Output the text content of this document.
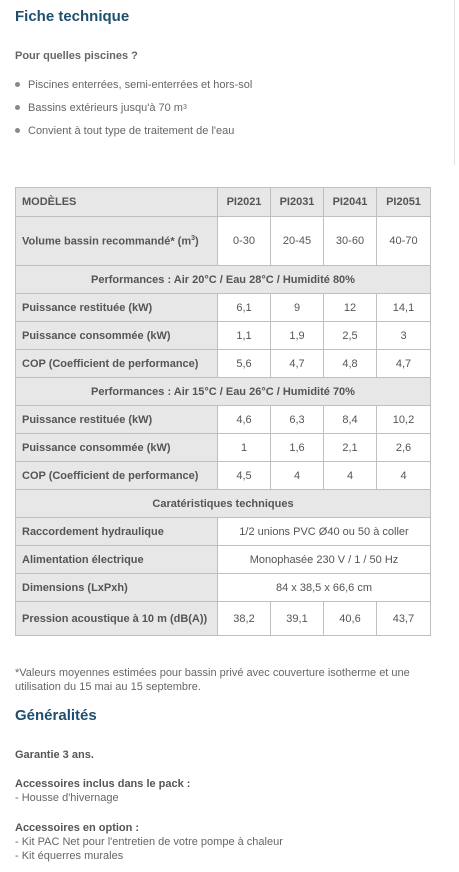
Fiche technique
Pour quelles piscines ?
Piscines enterrées, semi-enterrées et hors-sol
Bassins extérieurs jusqu'à 70 m 3
Convient à tout type de traitement de l'eau
MODÈLES	PI2021	PI2031	PI2041	PI2051
Volume bassin recommandé* $(m^3)$	0-30	20-45	30-60	40-70
Performances : Air 20°C / Eau 28°C / Humidité 80%				
Puissance restituée (kW)	6,1	9	12	14,1
Puissance consommée (kW)	1,1	1,9	2,5	3
COP (Coefficient de performance)	5,6	4,7	4,8	4,7
Performances : Air 15°C / Eau 26°C / Humidité 70%				
Puissance restituée (kW)	4,6	6,3	8,4	10,2
Puissance consommée (kW)	1	1,6	2,1	2,6
COP (Coefficient de performance)	4,5	4	4	4
Caratéristiques techniques				
Raccordement hydraulique	1/2 unions PVC Ø40 ou 50 à coller			
Alimentation électrique	Monophasée 230 V / 1 / 50 Hz			
Dimensions (LxPxh)	84 x 38,5 x 66,6 cm			
Pression acoustique à 10 m (dB(A))	38,2	39,1	40,6	43,7
*Valeurs moyennes estimées pour bassin privé avec couverture isotherme et une utilisation du 15 mai au 15 septembre.
Généralités
Garantie 3 ans.
Accessoires inclus dans le pack :
- Housse d'hivernage
Accessoires en option :
- Kit PAC Net pour l'entretien de votre pompe à chaleur
- Kit équerres murales
